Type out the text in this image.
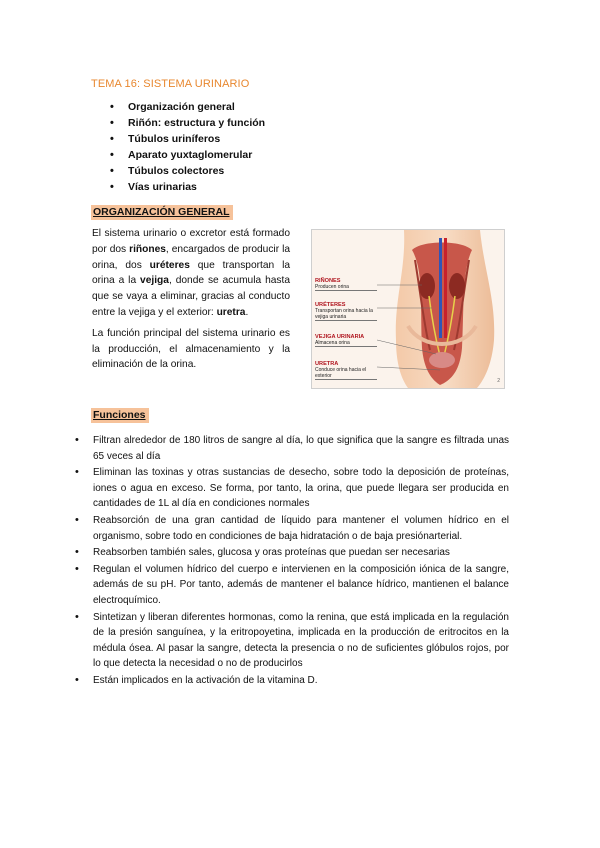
TEMA 16: SISTEMA URINARIO
• Organización general
• Riñón: estructura y función
• Túbulos uriníferos
• Aparato yuxtaglomerular
• Túbulos colectores
• Vías urinarias
ORGANIZACIÓN GENERAL

El sistema urinario o excretor está formado por dos riñones, encargados de producir la orina, dos uréteres que transportan la orina a la vejiga, donde se acumula hasta que se vaya a eliminar, gracias al conducto entre la vejiga y el exterior: uretra.

La función principal del sistema urinario es la producción, el almacenamiento y la eliminación de la orina.

RIÑONES
Producen orina
URÉTERES
Transportan orina hacia la vejiga urinaria
VEJIGA URINARIA
Almacena orina
URETRA
Conduce orina hacia el exterior
2
Funciones
• Filtran alrededor de 180 litros de sangre al día, lo que significa que la sangre es filtrada unas 65 veces al día
• Eliminan las toxinas y otras sustancias de desecho, sobre todo la deposición de proteínas, iones o agua en exceso. Se forma, por tanto, la orina, que puede llegara ser producida en cantidades de 1L al día en condiciones normales
• Reabsorción de una gran cantidad de líquido para mantener el volumen hídrico en el organismo, sobre todo en condiciones de baja hidratación o de baja presiónarterial.
• Reabsorben también sales, glucosa y oras proteínas que puedan ser necesarias
• Regulan el volumen hídrico del cuerpo e intervienen en la composición iónica de la sangre, además de su pH. Por tanto, además de mantener el balance hídrico, mantienen el balance electroquímico.
• Sintetizan y liberan diferentes hormonas, como la renina, que está implicada en la regulación de la presión sanguínea, y la eritropoyetina, implicada en la producción de eritrocitos en la médula ósea. Al pasar la sangre, detecta la presencia o no de suficientes glóbulos rojos, por lo que detecta la necesidad o no de producirlos
• Están implicados en la activación de la vitamina D.
